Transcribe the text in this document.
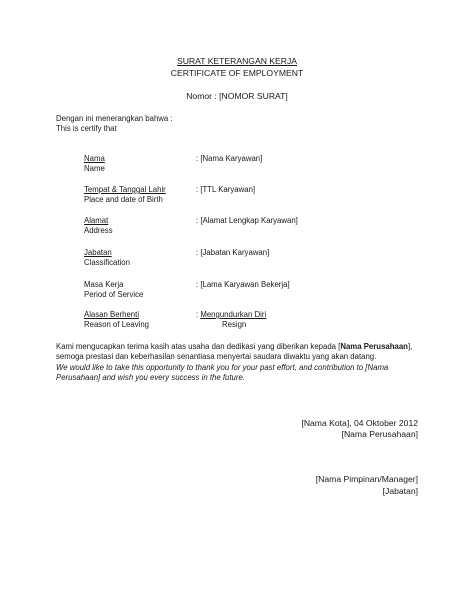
SURAT KETERANGAN KERJA
CERTIFICATE OF EMPLOYMENT
Nomor : [NOMOR SURAT]
Dengan ini menerangkan bahwa :
This is certify that
Nama
Name
: [Nama Karyawan]
Tempat & Tanggal Lahir
Place and date of Birth
: [TTL Karyawan]
Alamat
Address
: [Alamat Lengkap Karyawan]
Jabatan
Classification
: [Jabatan Karyawan]
Masa Kerja
Period of Service
: [Lama Karyawan Bekerja]
Alasan Berhenti
Reason of Leaving
: Mengundurkan Diri
Resign
Kami mengucapkan terima kasih atas usaha dan dedikasi yang diberikan kepada [Nama Perusahaan],
semoga prestasi dan keberhasilan senantiasa menyertai saudara diwaktu yang akan datang.
We would like to take this opportunity to thank you for your past effort, and contribution to [Nama
Perusahaan] and wish you every success in the future.
[Nama Kota], 04 Oktober 2012
[Nama Perusahaan]
[Nama Pimpinan/Manager]
[Jabatan]
